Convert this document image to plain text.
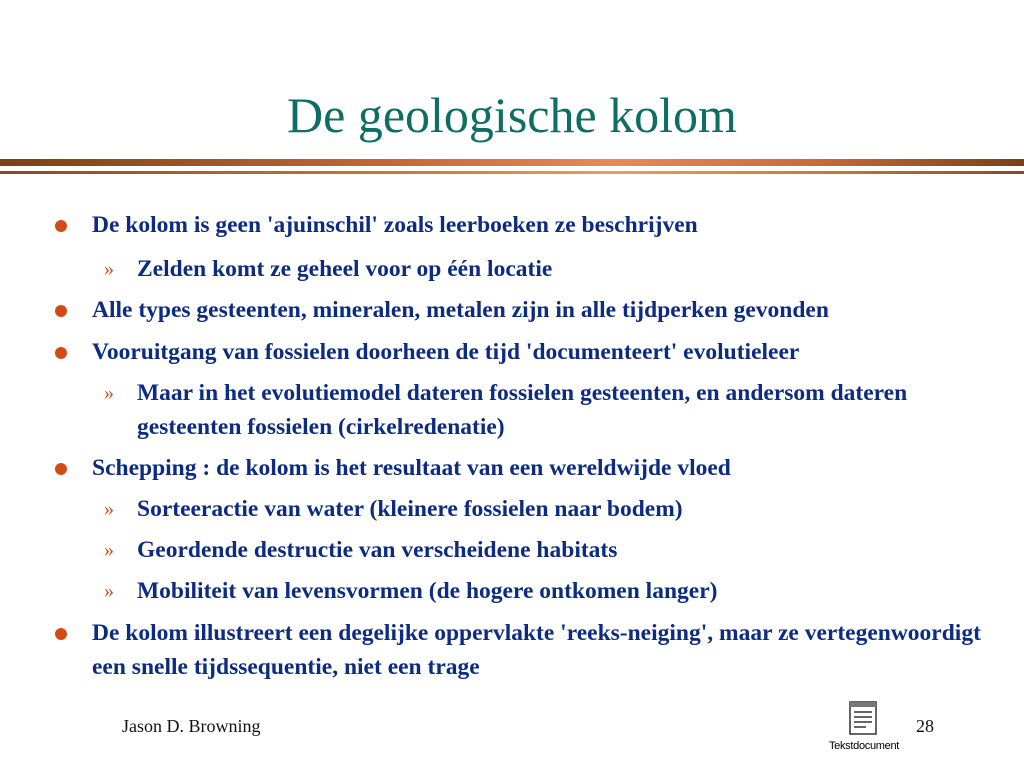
De geologische kolom
De kolom is geen 'ajuinschil' zoals leerboeken ze beschrijven
» Zelden komt ze geheel voor op één locatie
Alle types gesteenten, mineralen, metalen zijn in alle tijdperken gevonden
Vooruitgang van fossielen doorheen de tijd 'documenteert' evolutieleer
» Maar in het evolutiemodel dateren fossielen gesteenten, en andersom dateren gesteenten fossielen (cirkelredenatie)
Schepping : de kolom is het resultaat van een wereldwijde vloed
» Sorteeractie van water (kleinere fossielen naar bodem)
» Geordende destructie van verscheidene habitats
» Mobiliteit van levensvormen (de hogere ontkomen langer)
De kolom illustreert een degelijke oppervlakte 'reeks-neiging', maar ze vertegenwoordigt een snelle tijdssequentie, niet een trage
Jason D. Browning
Tekstdocument
28
